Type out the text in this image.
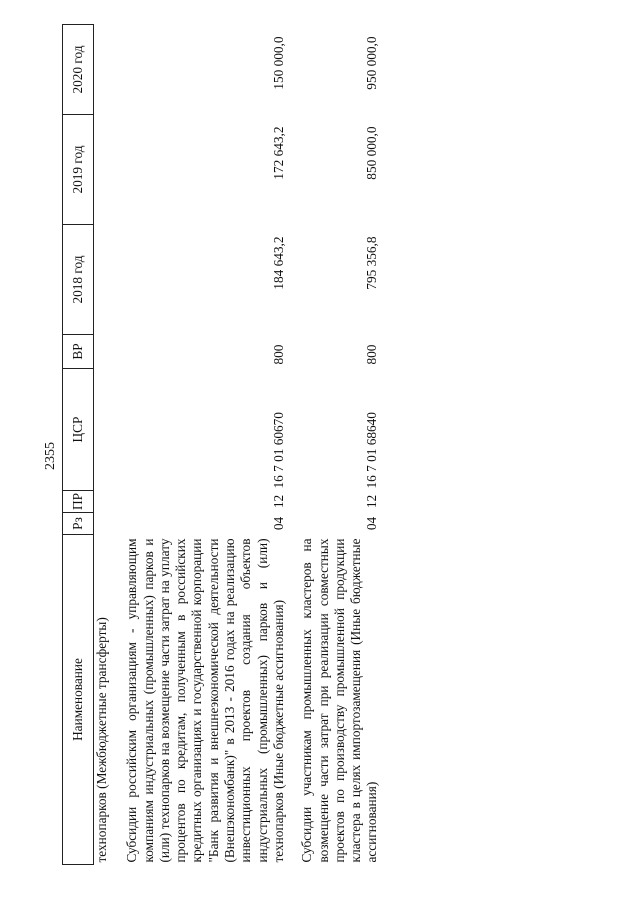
2355
Наименование	Рз	ПР	ЦСР	ВР	2018 год	2019 год	2020 год
технопарков (Межбюджетные трансферты)							
Субсидии российским организациям - управляющим компаниям индустриальных (промышленных) парков и (или) технопарков на возмещение части затрат на уплату процентов по кредитам, полученным в российских кредитных организациях и государственной корпорации "Банк развития и внешнеэкономической деятельности (Внешэкономбанк)" в 2013 - 2016 годах на реализацию инвестиционных проектов создания объектов индустриальных (промышленных) парков и (или) технопарков (Иные бюджетные ассигнования)	04	12	16 7 01 60670	800	184 643,2	172 643,2	150 000,0
Субсидии участникам промышленных кластеров на возмещение части затрат при реализации совместных проектов по производству промышленной продукции кластера в целях импортозамещения (Иные бюджетные ассигнования)	04	12	16 7 01 68640	800	795 356,8	850 000,0	950 000,0
